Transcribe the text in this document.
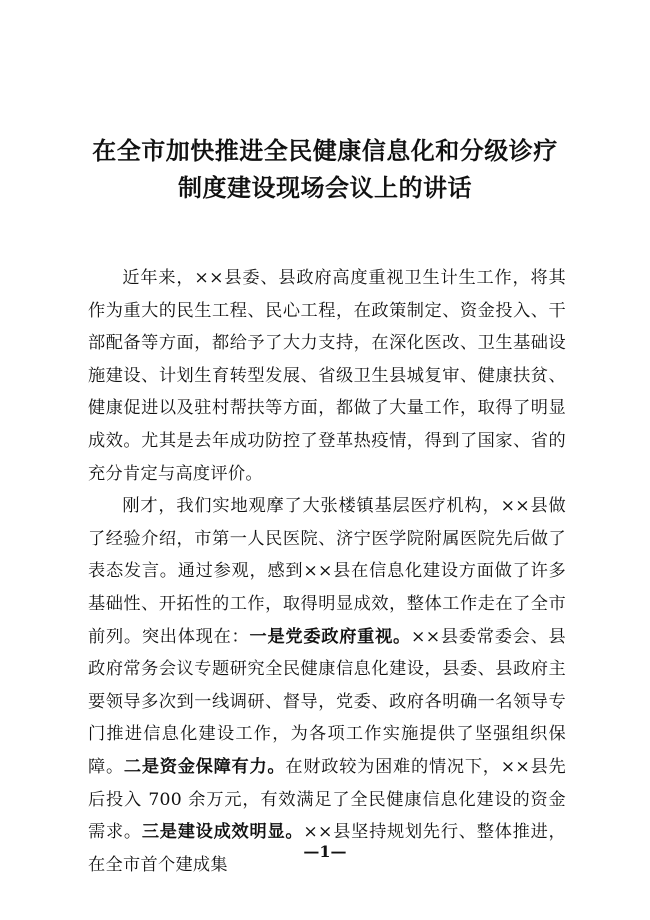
在全市加快推进全民健康信息化和分级诊疗
制度建设现场会议上的讲话

近年来，××县委、县政府高度重视卫生计生工作，将其作为重大的民生工程、民心工程，在政策制定、资金投入、干部配备等方面，都给予了大力支持，在深化医改、卫生基础设施建设、计划生育转型发展、省级卫生县城复审、健康扶贫、健康促进以及驻村帮扶等方面，都做了大量工作，取得了明显成效。尤其是去年成功防控了登革热疫情，得到了国家、省的充分肯定与高度评价。

刚才，我们实地观摩了大张楼镇基层医疗机构，××县做了经验介绍，市第一人民医院、济宁医学院附属医院先后做了表态发言。通过参观，感到××县在信息化建设方面做了许多基础性、开拓性的工作，取得明显成效，整体工作走在了全市前列。突出体现在：一是党委政府重视。××县委常委会、县政府常务会议专题研究全民健康信息化建设，县委、县政府主要领导多次到一线调研、督导，党委、政府各明确一名领导专门推进信息化建设工作，为各项工作实施提供了坚强组织保障。二是资金保障有力。在财政较为困难的情况下，××县先后投入 700 余万元，有效满足了全民健康信息化建设的资金需求。三是建设成效明显。××县坚持规划先行、整体推进，在全市首个建成集

—1—
